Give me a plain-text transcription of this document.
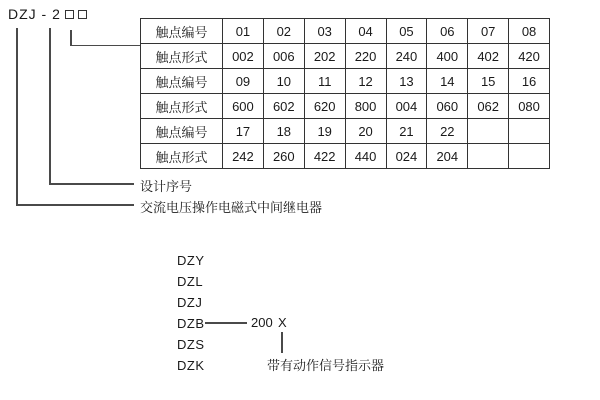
DZJ - 2
设计序号
交流电压操作电磁式中间继电器
触点编号	01	02	03	04	05	06	07	08
触点形式	002	006	202	220	240	400	402	420
触点编号	09	10	11	12	13	14	15	16
触点形式	600	602	620	800	004	060	062	080
触点编号	17	18	19	20	21	22		
触点形式	242	260	422	440	024	204		
DZY
DZL
DZJ
DZB
DZS
DZK
200 X
带有动作信号指示器
